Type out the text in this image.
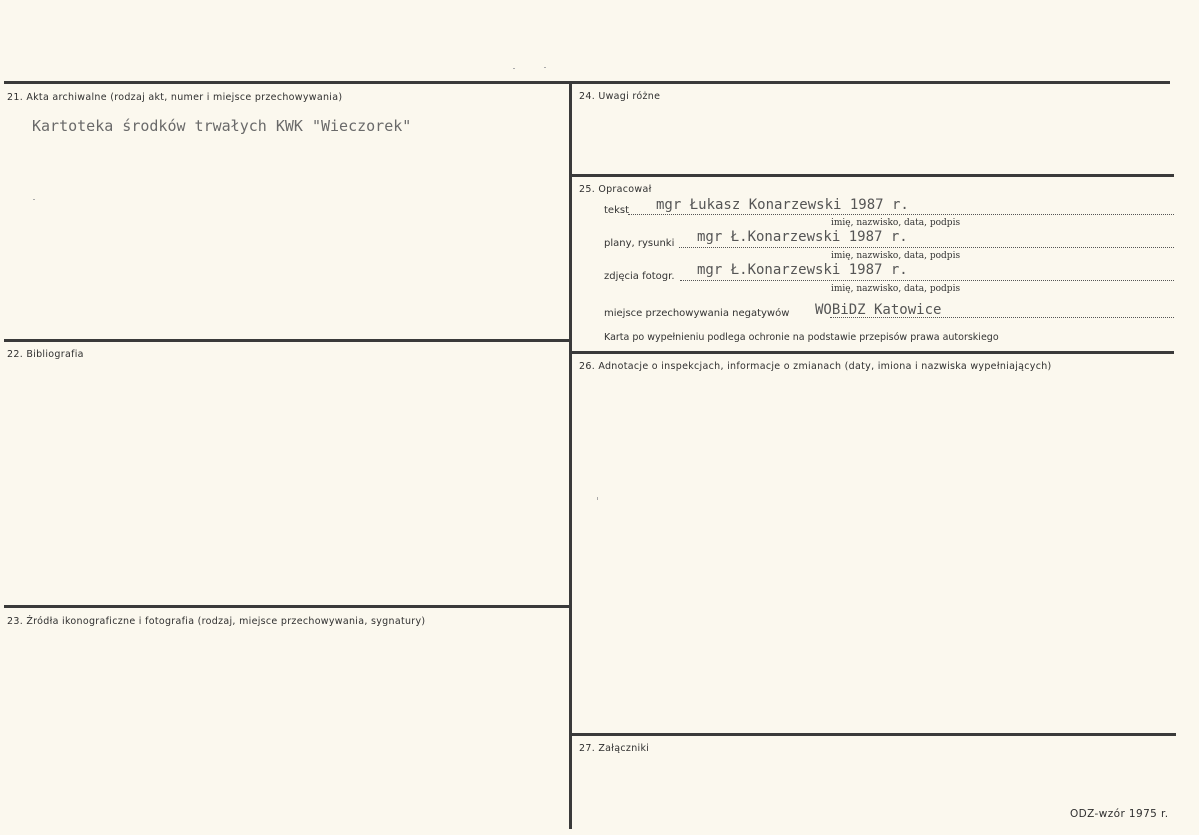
21. Akta archiwalne (rodzaj akt, numer i miejsce przechowywania)
Kartoteka środków trwałych KWK "Wieczorek"
22. Bibliografia
23. Źródła ikonograficzne i fotografia (rodzaj, miejsce przechowywania, sygnatury)
24. Uwagi różne
25. Opracował
tekst mgr Łukasz Konarzewski 1987 r.
imię, nazwisko, data, podpis
plany, rysunki mgr Ł.Konarzewski 1987 r.
imię, nazwisko, data, podpis
zdjęcia fotogr. mgr Ł.Konarzewski 1987 r.
imię, nazwisko, data, podpis
miejsce przechowywania negatywów WOBiDZ Katowice
Karta po wypełnieniu podlega ochronie na podstawie przepisów prawa autorskiego
26. Adnotacje o inspekcjach, informacje o zmianach (daty, imiona i nazwiska wypełniających)
27. Załączniki
ODZ-wzór 1975 r.
